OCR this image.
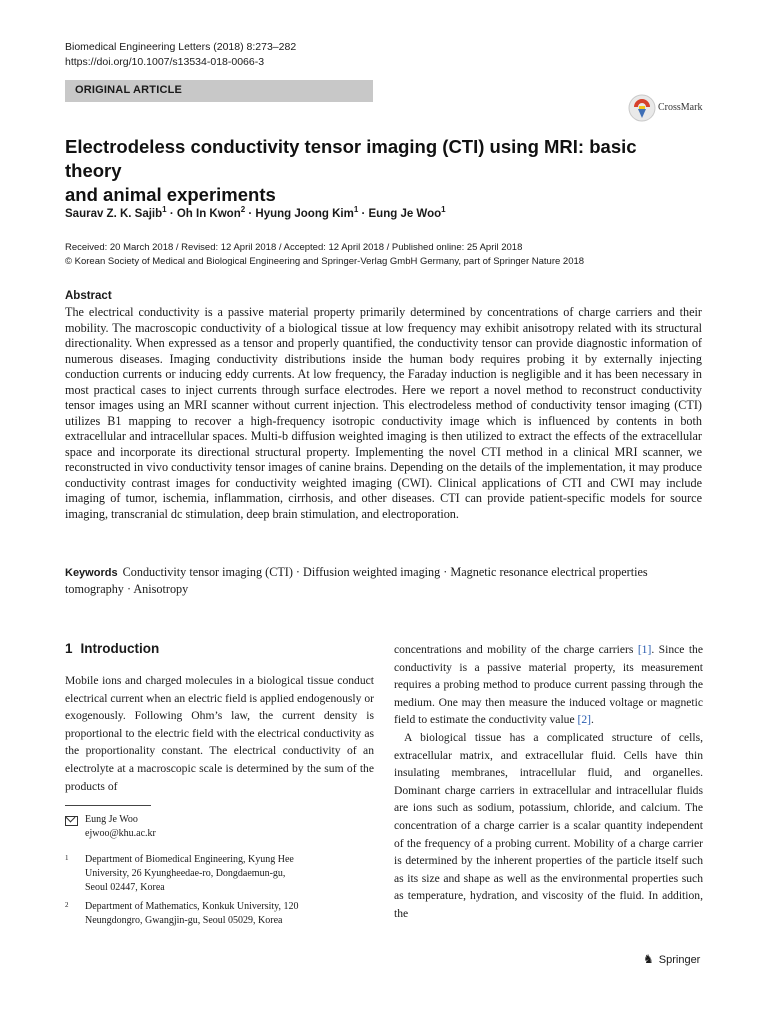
Biomedical Engineering Letters (2018) 8:273–282
https://doi.org/10.1007/s13534-018-0066-3
ORIGINAL ARTICLE
CrossMark
Electrodeless conductivity tensor imaging (CTI) using MRI: basic theory
and animal experiments
Saurav Z. K. Sajib$^1$ · Oh In Kwon$^2$ · Hyung Joong Kim$^1$ · Eung Je Woo$^1$
Received: 20 March 2018 / Revised: 12 April 2018 / Accepted: 12 April 2018 / Published online: 25 April 2018
© Korean Society of Medical and Biological Engineering and Springer-Verlag GmbH Germany, part of Springer Nature 2018
Abstract
The electrical conductivity is a passive material property primarily determined by concentrations of charge carriers and their mobility. The macroscopic conductivity of a biological tissue at low frequency may exhibit anisotropy related with its structural directionality. When expressed as a tensor and properly quantified, the conductivity tensor can provide diagnostic information of numerous diseases. Imaging conductivity distributions inside the human body requires probing it by externally injecting conduction currents or inducing eddy currents. At low frequency, the Faraday induction is negligible and it has been necessary in most practical cases to inject currents through surface electrodes. Here we report a novel method to reconstruct conductivity tensor images using an MRI scanner without current injection. This electrodeless method of conductivity tensor imaging (CTI) utilizes B1 mapping to recover a high-frequency isotropic conductivity image which is influenced by contents in both extracellular and intracellular spaces. Multi-b diffusion weighted imaging is then utilized to extract the effects of the extracellular space and incorporate its directional structural property. Implementing the novel CTI method in a clinical MRI scanner, we reconstructed in vivo conductivity tensor images of canine brains. Depending on the details of the implementation, it may produce conductivity contrast images for conductivity weighted imaging (CWI). Clinical applications of CTI and CWI may include imaging of tumor, ischemia, inflammation, cirrhosis, and other diseases. CTI can provide patient-specific models for source imaging, transcranial dc stimulation, deep brain stimulation, and electroporation.
Keywords Conductivity tensor imaging (CTI) · Diffusion weighted imaging · Magnetic resonance electrical properties tomography · Anisotropy
1 Introduction

Mobile ions and charged molecules in a biological tissue conduct electrical current when an electric field is applied endogenously or exogenously. Following Ohm’s law, the current density is proportional to the electric field with the electrical conductivity as the proportionality constant. The electrical conductivity of an electrolyte at a macroscopic scale is determined by the sum of the products of

concentrations and mobility of the charge carriers [1]. Since the conductivity is a passive material property, its measurement requires a probing method to produce current passing through the medium. One may then measure the induced voltage or magnetic field to estimate the conductivity value [2].

A biological tissue has a complicated structure of cells, extracellular matrix, and extracellular fluid. Cells have thin insulating membranes, intracellular fluid, and organelles. Dominant charge carriers in extracellular and intracellular fluids are ions such as sodium, potassium, chloride, and calcium. The concentration of a charge carrier is a scalar quantity independent of the frequency of a probing current. Mobility of a charge carrier is determined by the inherent properties of the particle itself such as its size and shape as well as the environmental properties such as temperature, hydration, and viscosity of the fluid. In addition, the

Eung Je Woo
ejwoo@khu.ac.kr
1 Department of Biomedical Engineering, Kyung Hee
University, 26 Kyungheedae-ro, Dongdaemun-gu,
Seoul 02447, Korea
2 Department of Mathematics, Konkuk University, 120
Neungdongro, Gwangjin-gu, Seoul 05029, Korea
♞ Springer
